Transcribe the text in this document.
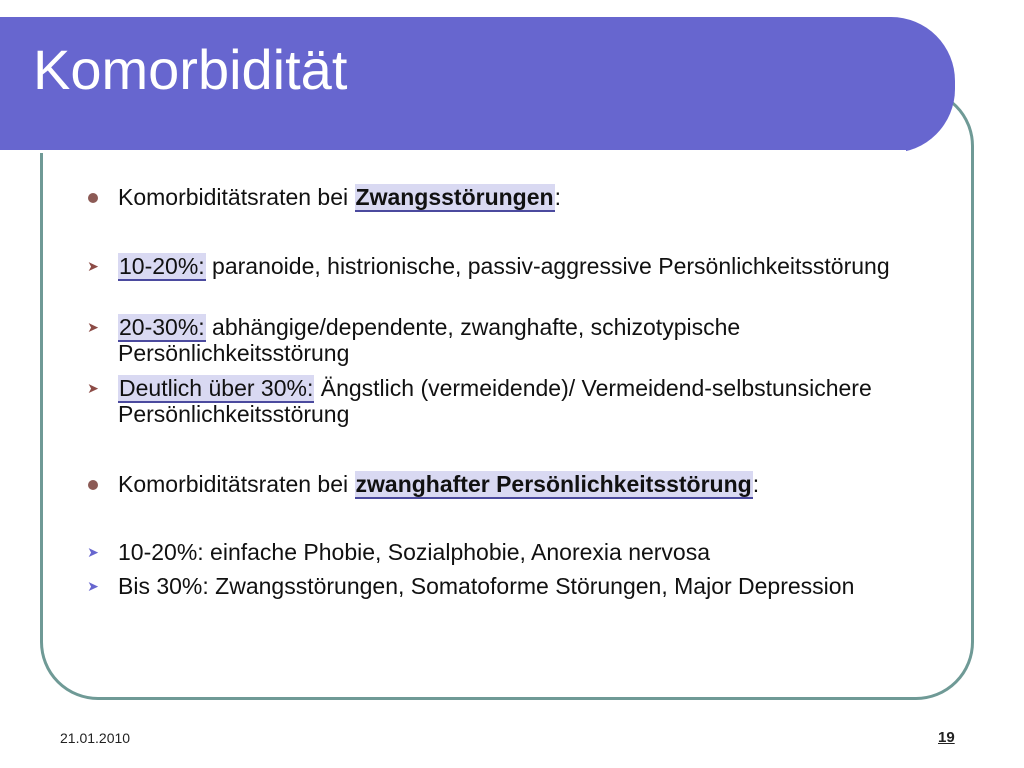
Komorbidität
Komorbiditätsraten bei Zwangsstörungen:
➤ 10-20%: paranoide, histrionische, passiv-aggressive Persönlichkeitsstörung
➤ 20-30%: abhängige/dependente, zwanghafte, schizotypische Persönlichkeitsstörung
➤ Deutlich über 30%: Ängstlich (vermeidende)/ Vermeidend-selbstunsichere Persönlichkeitsstörung
Komorbiditätsraten bei zwanghafter Persönlichkeitsstörung:
➤ 10-20%: einfache Phobie, Sozialphobie, Anorexia nervosa
➤ Bis 30%: Zwangsstörungen, Somatoforme Störungen, Major Depression
21.01.2010	19
